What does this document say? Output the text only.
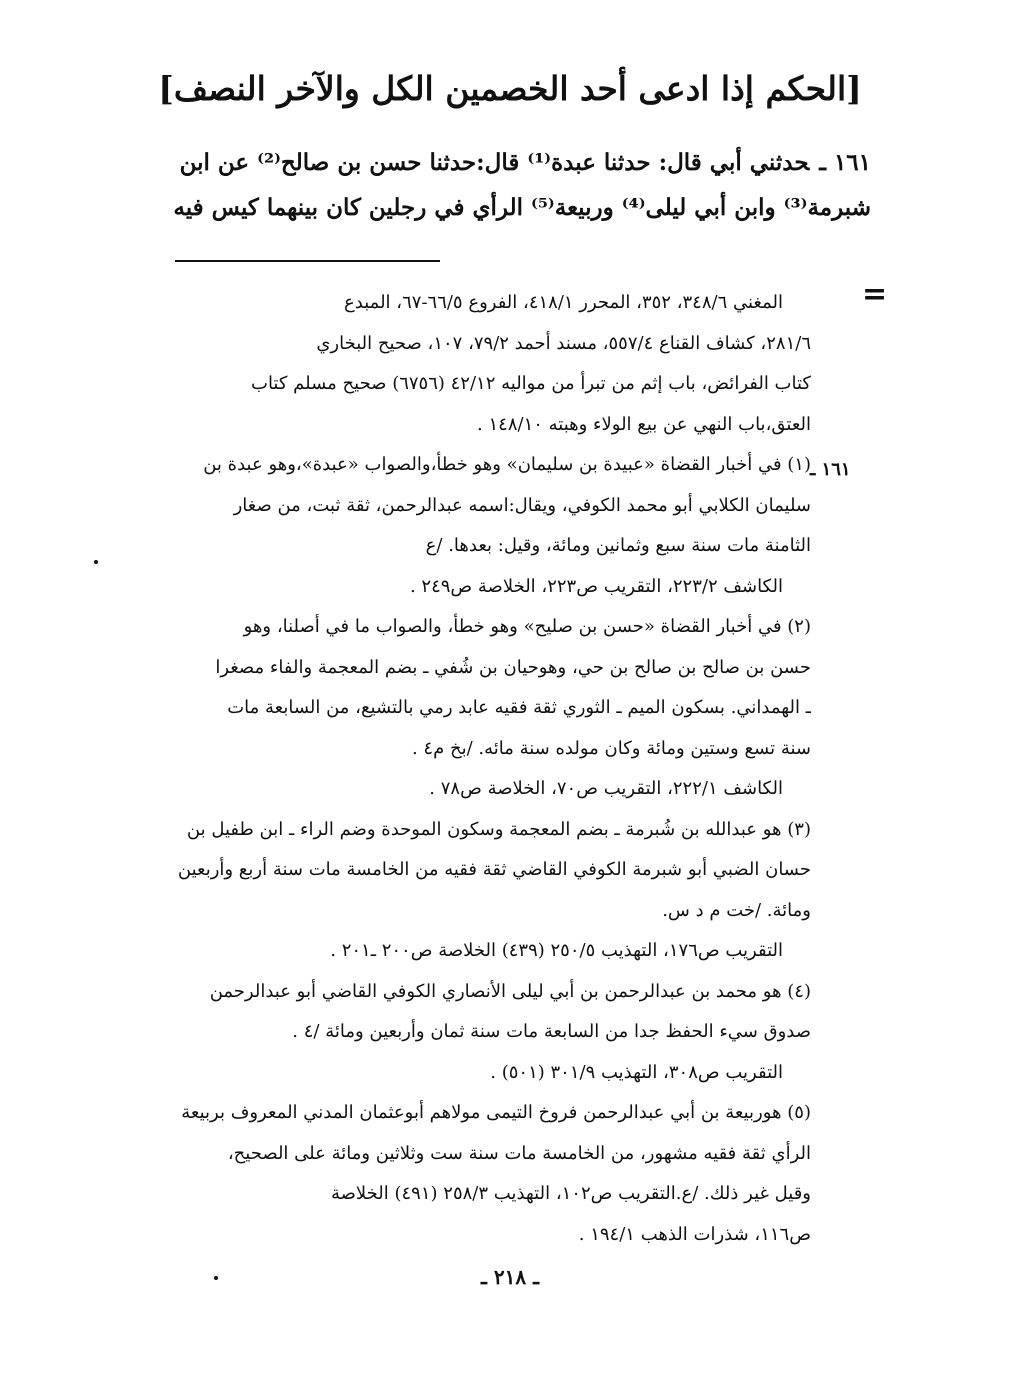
[الحكم إذا ادعى أحد الخصمين الكل والآخر النصف]
١٦١ ـحدثني أبي قال: حدثنا عبدة⁽¹⁾ قال:حدثنا حسن بن صالح⁽²⁾ عن ابن
شبرمة⁽³⁾ وابن أبي ليلى⁽⁴⁾ وربيعة⁽⁵⁾ الرأي في رجلين كان بينهما كيس فيه
=
١٦١ ـ
المغني ٣٤٨/٦، ٣٥٢، المحرر ٤١٨/١، الفروع ٦٦/٥-٦٧، المبدع
٢٨١/٦، كشاف القناع ٥٥٧/٤، مسند أحمد ٧٩/٢، ١٠٧، صحيح البخاري
كتاب الفرائض، باب إثم من تبرأ من مواليه ٤٢/١٢ (٦٧٥٦) صحيح مسلم كتاب
العتق،باب النهي عن بيع الولاء وهبته ١٤٨/١٠ .
(١) في أخبار القضاة «عبيدة بن سليمان» وهو خطأ،والصواب «عبدة»،وهو عبدة بن
سليمان الكلابي أبو محمد الكوفي، ويقال:اسمه عبدالرحمن، ثقة ثبت، من صغار
الثامنة مات سنة سبع وثمانين ومائة، وقيل: بعدها. /ع
الكاشف ٢٢٣/٢، التقريب ص٢٢٣، الخلاصة ص٢٤٩ .
(٢) في أخبار القضاة «حسن بن صليح» وهو خطأ، والصواب ما في أصلنا، وهو
حسن بن صالح بن صالح بن حي، وهوحيان بن شُفي ـ بضم المعجمة والفاء مصغرا
ـ الهمداني. بسكون الميم ـ الثوري ثقة فقيه عابد رمي بالتشيع، من السابعة مات
سنة تسع وستين ومائة وكان مولده سنة مائه. /بخ م٤ .
الكاشف ٢٢٢/١، التقريب ص٧٠، الخلاصة ص٧٨ .
(٣) هو عبدالله بن شُبرمة ـ بضم المعجمة وسكون الموحدة وضم الراء ـ ابن طفيل بن
حسان الضبي أبو شبرمة الكوفي القاضي ثقة فقيه من الخامسة مات سنة أربع وأربعين
ومائة. /خت م د س.
التقريب ص١٧٦، التهذيب ٢٥٠/٥ (٤٣٩) الخلاصة ص٢٠٠ ـ٢٠١ .
(٤) هو محمد بن عبدالرحمن بن أبي ليلى الأنصاري الكوفي القاضي أبو عبدالرحمن
صدوق سيء الحفظ جدا من السابعة مات سنة ثمان وأربعين ومائة /٤ .
التقريب ص٣٠٨، التهذيب ٣٠١/٩ (٥٠١) .
(٥) هوربيعة بن أبي عبدالرحمن فروخ التيمى مولاهم أبوعثمان المدني المعروف بربيعة
الرأي ثقة فقيه مشهور، من الخامسة مات سنة ست وثلاثين ومائة على الصحيح،
وقيل غير ذلك. /ع.التقريب ص١٠٢، التهذيب ٢٥٨/٣ (٤٩١) الخلاصة
ص١١٦، شذرات الذهب ١٩٤/١ .
ـ ٢١٨ ـ
